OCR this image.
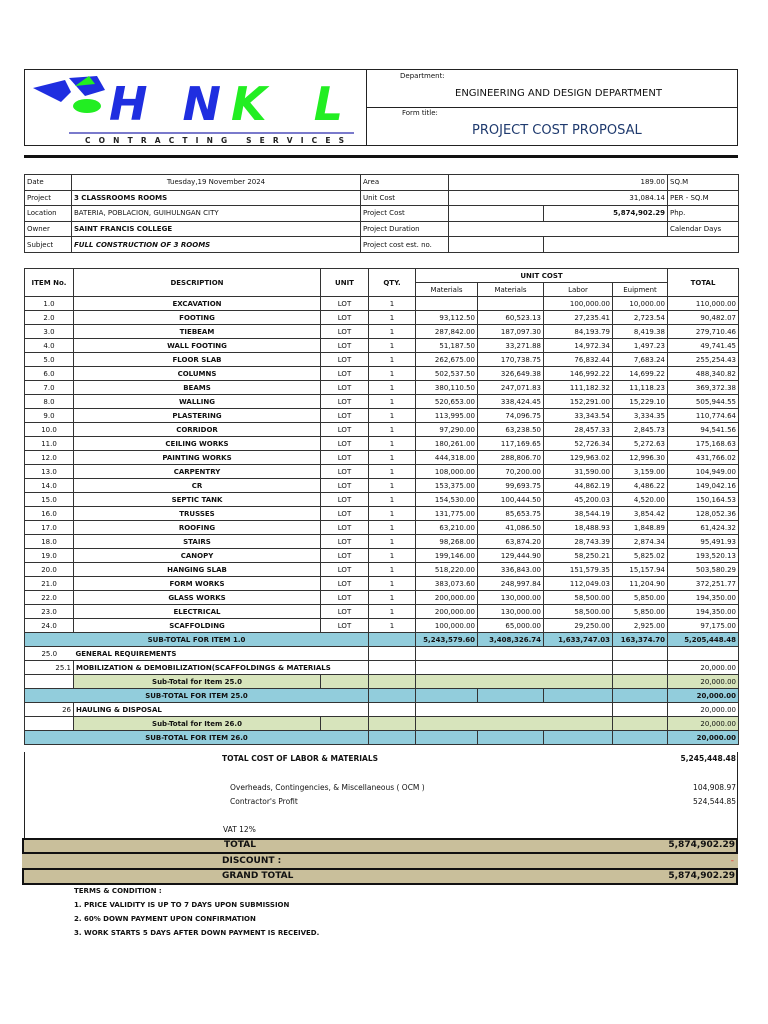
HN KL
CONTRACTING SERVICES
Department:
ENGINEERING AND DESIGN DEPARTMENT
Form title:
PROJECT COST PROPOSAL
Date	Tuesday,19 November 2024	Area	189.00		SQ.M
Project	3 CLASSROOMS ROOMS	Unit Cost	31,084.14		PER - SQ.M
Location	BATERIA, POBLACION, GUIHULNGAN CITY	Project Cost		5,874,902.29	Php.
Owner	SAINT FRANCIS COLLEGE	Project Duration			Calendar Days
Subject	FULL CONSTRUCTION OF 3 ROOMS	Project cost est. no.			
ITEM No.	DESCRIPTION	UNIT	QTY.	UNIT COST				TOTAL
				Materials	Materials	Labor	Euipment	
1.0	EXCAVATION	LOT	1			100,000.00	10,000.00	110,000.00
2.0	FOOTING	LOT	1	93,112.50	60,523.13	27,235.41	2,723.54	90,482.07
3.0	TIEBEAM	LOT	1	287,842.00	187,097.30	84,193.79	8,419.38	279,710.46
4.0	WALL FOOTING	LOT	1	51,187.50	33,271.88	14,972.34	1,497.23	49,741.45
5.0	FLOOR SLAB	LOT	1	262,675.00	170,738.75	76,832.44	7,683.24	255,254.43
6.0	COLUMNS	LOT	1	502,537.50	326,649.38	146,992.22	14,699.22	488,340.82
7.0	BEAMS	LOT	1	380,110.50	247,071.83	111,182.32	11,118.23	369,372.38
8.0	WALLING	LOT	1	520,653.00	338,424.45	152,291.00	15,229.10	505,944.55
9.0	PLASTERING	LOT	1	113,995.00	74,096.75	33,343.54	3,334.35	110,774.64
10.0	CORRIDOR	LOT	1	97,290.00	63,238.50	28,457.33	2,845.73	94,541.56
11.0	CEILING WORKS	LOT	1	180,261.00	117,169.65	52,726.34	5,272.63	175,168.63
12.0	PAINTING WORKS	LOT	1	444,318.00	288,806.70	129,963.02	12,996.30	431,766.02
13.0	CARPENTRY	LOT	1	108,000.00	70,200.00	31,590.00	3,159.00	104,949.00
14.0	CR	LOT	1	153,375.00	99,693.75	44,862.19	4,486.22	149,042.16
15.0	SEPTIC TANK	LOT	1	154,530.00	100,444.50	45,200.03	4,520.00	150,164.53
16.0	TRUSSES	LOT	1	131,775.00	85,653.75	38,544.19	3,854.42	128,052.36
17.0	ROOFING	LOT	1	63,210.00	41,086.50	18,488.93	1,848.89	61,424.32
18.0	STAIRS	LOT	1	98,268.00	63,874.20	28,743.39	2,874.34	95,491.93
19.0	CANOPY	LOT	1	199,146.00	129,444.90	58,250.21	5,825.02	193,520.13
20.0	HANGING SLAB	LOT	1	518,220.00	336,843.00	151,579.35	15,157.94	503,580.29
21.0	FORM WORKS	LOT	1	383,073.60	248,997.84	112,049.03	11,204.90	372,251.77
22.0	GLASS WORKS	LOT	1	200,000.00	130,000.00	58,500.00	5,850.00	194,350.00
23.0	ELECTRICAL	LOT	1	200,000.00	130,000.00	58,500.00	5,850.00	194,350.00
24.0	SCAFFOLDING	LOT	1	100,000.00	65,000.00	29,250.00	2,925.00	97,175.00
SUB-TOTAL FOR ITEM 1.0				5,243,579.60	3,408,326.74	1,633,747.03	163,374.70	5,205,448.48
25.0	GENERAL REQUIREMENTS							
25.1	MOBILIZATION & DEMOBILIZATION(SCAFFOLDINGS & MATERIALS							20,000.00
	Sub-Total for Item 25.0							20,000.00
SUB-TOTAL FOR ITEM 25.0								20,000.00
26	HAULING & DISPOSAL							20,000.00
	Sub-Total for Item 26.0							20,000.00
SUB-TOTAL FOR ITEM 26.0								20,000.00
TOTAL COST OF LABOR & MATERIALS	5,245,448.48
Overheads, Contingencies, & Miscellaneous ( OCM )	104,908.97
Contractor's Profit	524,544.85
VAT 12%
TOTAL	5,874,902.29
DISCOUNT :	-
GRAND TOTAL	5,874,902.29
TERMS & CONDITION :
1. PRICE VALIDITY IS UP TO 7 DAYS UPON SUBMISSION
2. 60% DOWN PAYMENT UPON CONFIRMATION
3. WORK STARTS 5 DAYS AFTER DOWN PAYMENT IS RECEIVED.
